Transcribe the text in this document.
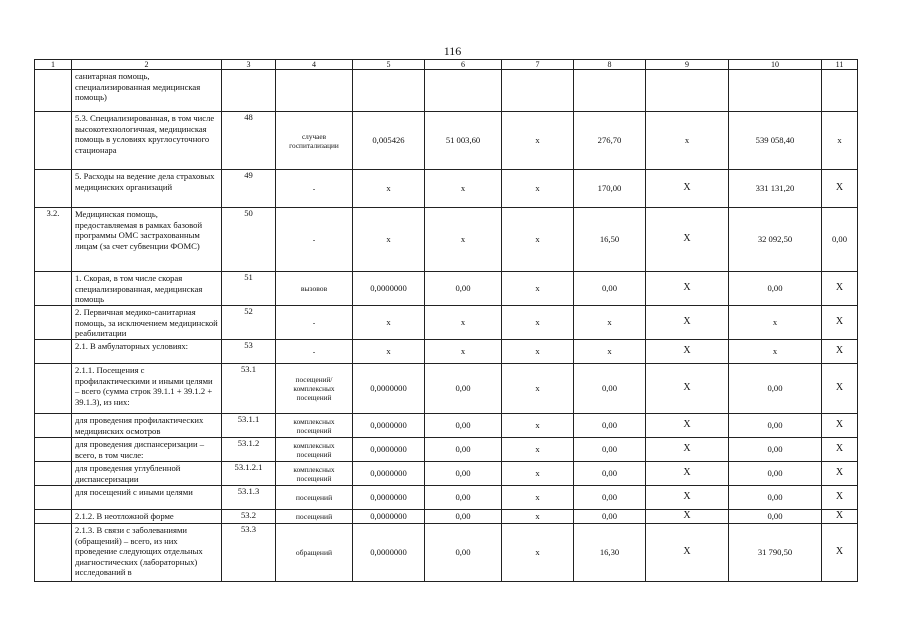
116
1	2	3	4	5	6	7	8	9	10	11
	санитарная помощь, специализированная медицинская помощь)									
	5.3. Специализированная, в том числе высокотехнологичная, медицинская помощь в условиях круглосуточного стационара	48	случаев госпитализации	0,005426	51 003,60	х	276,70	х	539 058,40	х
	5. Расходы на ведение дела страховых медицинских организаций	49	-	х	х	х	170,00	X	331 131,20	X
3.2.	Медицинская помощь, предоставляемая в рамках базовой программы ОМС застрахованным лицам (за счет субвенции ФОМС)	50	-	х	х	х	16,50	X	32 092,50	0,00
	1. Скорая, в том числе скорая специализированная, медицинская помощь	51	вызовов	0,0000000	0,00	х	0,00	X	0,00	X
	2. Первичная медико-санитарная помощь, за исключением медицинской реабилитации	52	-	х	х	х	х	X	х	X
	2.1. В амбулаторных условиях:	53	-	х	х	х	х	X	х	X
	2.1.1. Посещения с профилактическими и иными целями – всего (сумма строк 39.1.1 + 39.1.2 + 39.1.3), из них:	53.1	посещений/ комплексных посещений	0,0000000	0,00	х	0,00	X	0,00	X
	для проведения профилактических медицинских осмотров	53.1.1	комплексных посещений	0,0000000	0,00	х	0,00	X	0,00	X
	для проведения диспансеризации – всего, в том числе:	53.1.2	комплексных посещений	0,0000000	0,00	х	0,00	X	0,00	X
	для проведения углубленной диспансеризации	53.1.2.1	комплексных посещений	0,0000000	0,00	х	0,00	X	0,00	X
	для посещений с иными целями	53.1.3	посещений	0,0000000	0,00	х	0,00	X	0,00	X
	2.1.2. В неотложной форме	53.2	посещений	0,0000000	0,00	х	0,00	X	0,00	X
	2.1.3. В связи с заболеваниями (обращений) – всего, из них проведение следующих отдельных диагностических (лабораторных) исследований в	53.3	обращений	0,0000000	0,00	х	16,30	X	31 790,50	X
